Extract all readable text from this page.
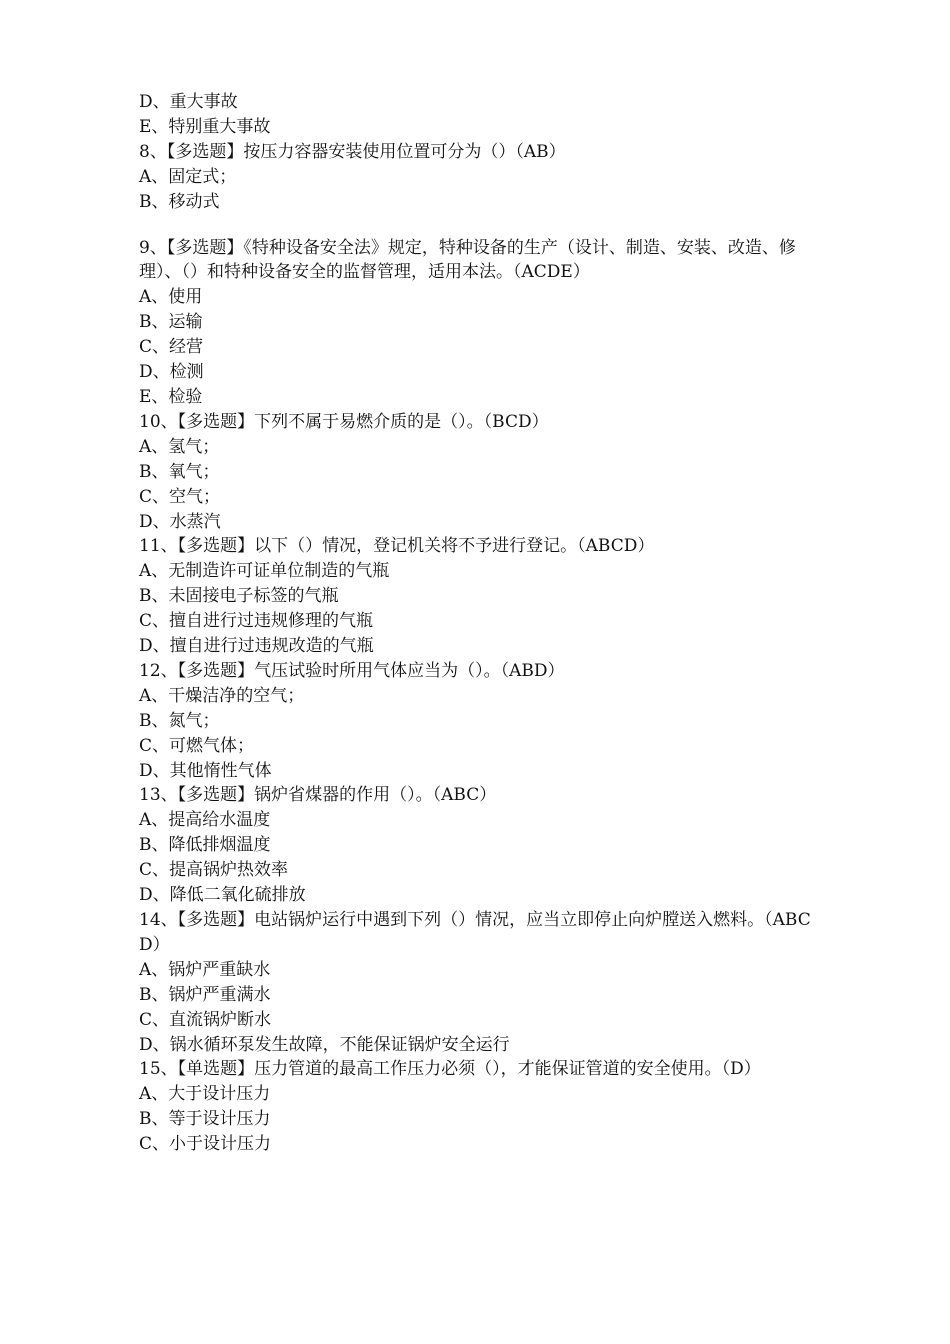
D、重大事故
E、特别重大事故
8、【多选题】按压力容器安装使用位置可分为（）（AB）
A、固定式；
B、移动式
9、【多选题】《特种设备安全法》规定，特种设备的生产（设计、制造、安装、改造、修理）、（）和特种设备安全的监督管理，适用本法。（ACDE）
A、使用
B、运输
C、经营
D、检测
E、检验
10、【多选题】下列不属于易燃介质的是（）。（BCD）
A、氢气；
B、氧气；
C、空气；
D、水蒸汽
11、【多选题】以下（）情况，登记机关将不予进行登记。（ABCD）
A、无制造许可证单位制造的气瓶
B、未固接电子标签的气瓶
C、擅自进行过违规修理的气瓶
D、擅自进行过违规改造的气瓶
12、【多选题】气压试验时所用气体应当为（）。（ABD）
A、干燥洁净的空气；
B、氮气；
C、可燃气体；
D、其他惰性气体
13、【多选题】锅炉省煤器的作用（）。（ABC）
A、提高给水温度
B、降低排烟温度
C、提高锅炉热效率
D、降低二氧化硫排放
14、【多选题】电站锅炉运行中遇到下列（）情况，应当立即停止向炉膛送入燃料。（ABCD）
A、锅炉严重缺水
B、锅炉严重满水
C、直流锅炉断水
D、锅水循环泵发生故障，不能保证锅炉安全运行
15、【单选题】压力管道的最高工作压力必须（），才能保证管道的安全使用。（D）
A、大于设计压力
B、等于设计压力
C、小于设计压力
